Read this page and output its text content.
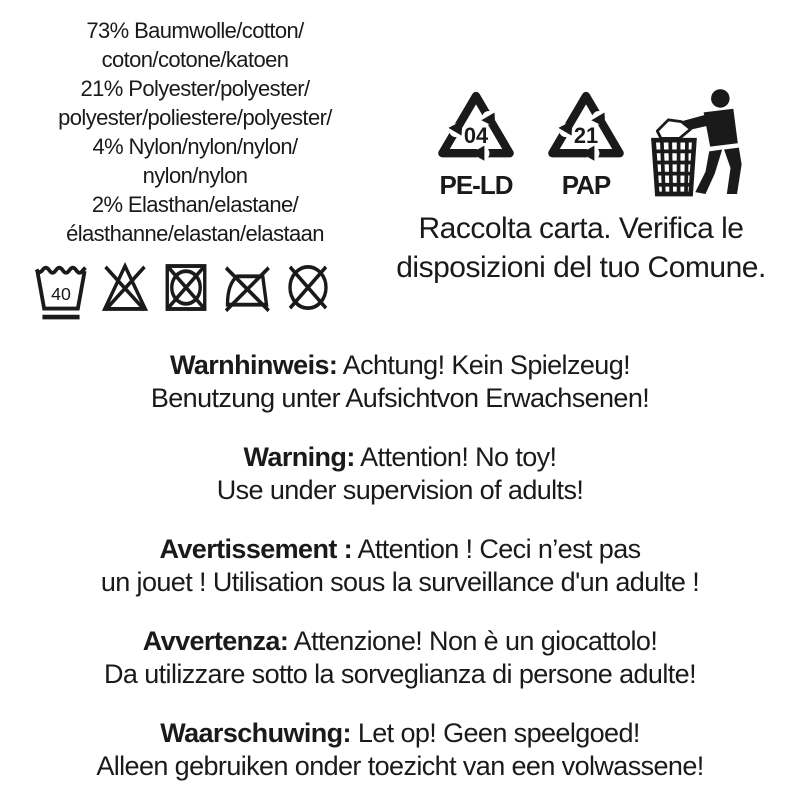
73% Baumwolle/cotton/
coton/cotone/katoen
21% Polyester/polyester/
polyester/poliestere/polyester/
4% Nylon/nylon/nylon/
nylon/nylon
2% Elasthan/elastane/
élasthanne/elastan/elastaan
40
04
PE-LD
21
PAP
Raccolta carta. Verifica le
disposizioni del tuo Comune.

Warnhinweis: Achtung! Kein Spielzeug!
Benutzung unter Aufsichtvon Erwachsenen!

Warning: Attention! No toy!
Use under supervision of adults!

Avertissement : Attention ! Ceci n’est pas
un jouet ! Utilisation sous la surveillance d'un adulte !

Avvertenza: Attenzione! Non è un giocattolo!
Da utilizzare sotto la sorveglianza di persone adulte!

Waarschuwing: Let op! Geen speelgoed!
Alleen gebruiken onder toezicht van een volwassene!
